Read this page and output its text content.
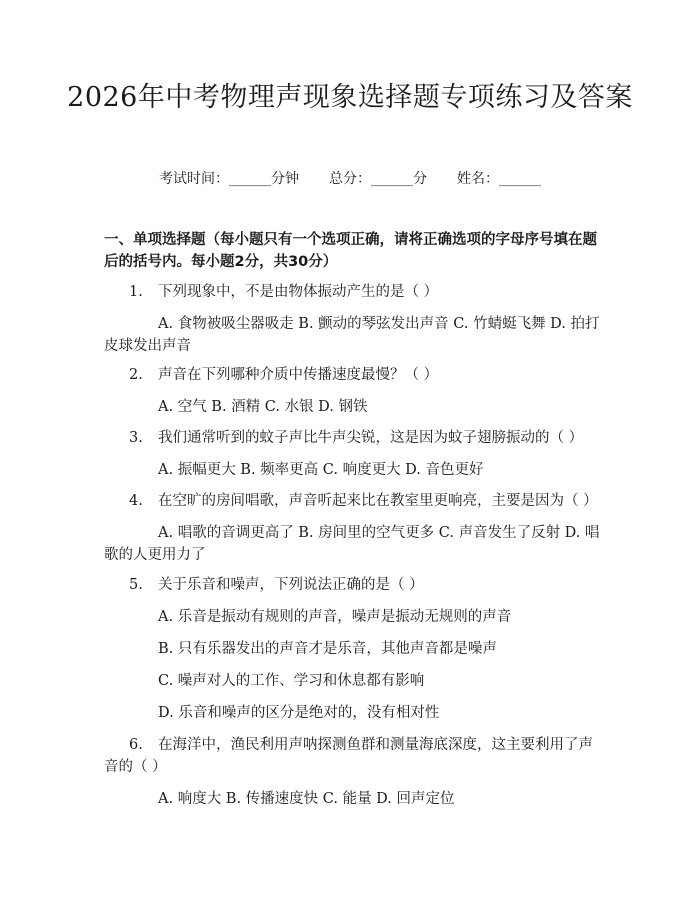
2026年中考物理声现象选择题专项练习及答案
考试时间：______分钟 总分：______分 姓名：______
一、单项选择题（每小题只有一个选项正确，请将正确选项的字母序号填在题后的括号内。每小题2分，共30分）
1. 下列现象中，不是由物体振动产生的是（ ）
A. 食物被吸尘器吸走 B. 颤动的琴弦发出声音 C. 竹蜻蜓飞舞 D. 拍打皮球发出声音
2. 声音在下列哪种介质中传播速度最慢？（ ）
A. 空气 B. 酒精 C. 水银 D. 钢铁
3. 我们通常听到的蚊子声比牛声尖锐，这是因为蚊子翅膀振动的（ ）
A. 振幅更大 B. 频率更高 C. 响度更大 D. 音色更好
4. 在空旷的房间唱歌，声音听起来比在教室里更响亮，主要是因为（ ）
A. 唱歌的音调更高了 B. 房间里的空气更多 C. 声音发生了反射 D. 唱歌的人更用力了
5. 关于乐音和噪声，下列说法正确的是（ ）
A. 乐音是振动有规则的声音，噪声是振动无规则的声音
B. 只有乐器发出的声音才是乐音，其他声音都是噪声
C. 噪声对人的工作、学习和休息都有影响
D. 乐音和噪声的区分是绝对的，没有相对性
6. 在海洋中，渔民利用声呐探测鱼群和测量海底深度，这主要利用了声音的（ ）
A. 响度大 B. 传播速度快 C. 能量 D. 回声定位
